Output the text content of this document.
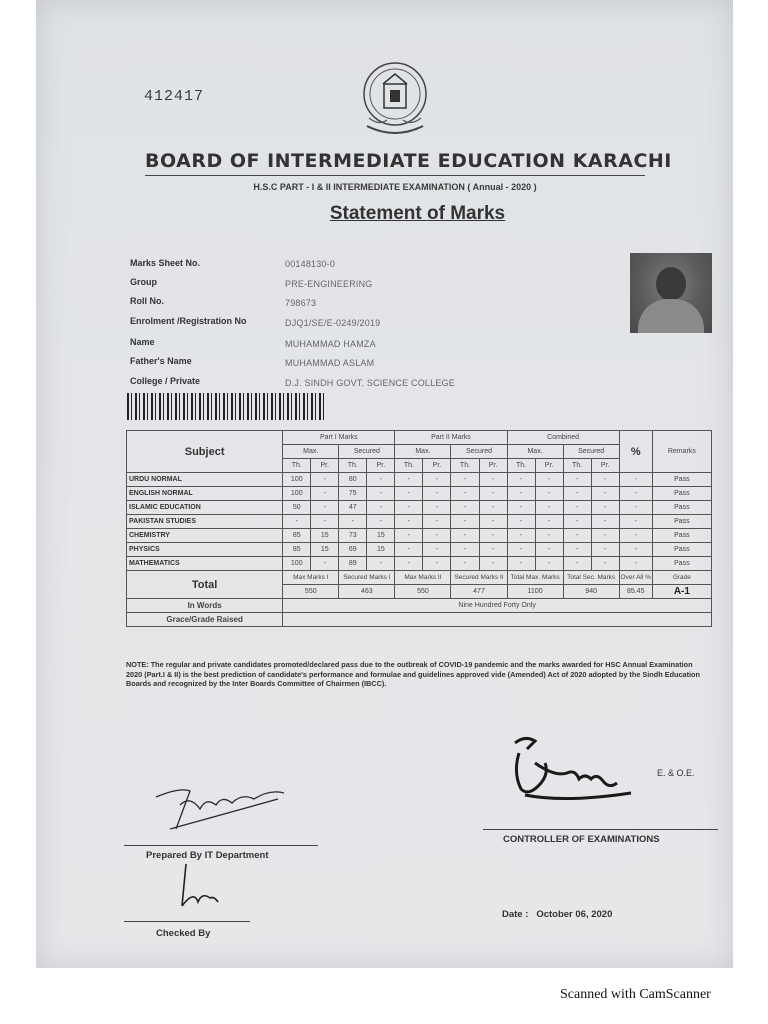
412417
BOARD OF INTERMEDIATE EDUCATION KARACHI
H.S.C PART - I & II INTERMEDIATE EXAMINATION ( Annual - 2020 )
Statement of Marks
Marks Sheet No.	00148130-0
Group	PRE-ENGINEERING
Roll No.	798673
Enrolment /Registration No	DJQ1/SE/E-0249/2019
Name	MUHAMMAD HAMZA
Father's Name	MUHAMMAD ASLAM
College / Private	D.J. SINDH GOVT. SCIENCE COLLEGE
Subject	Part I Marks				Part II Marks				Combined				%	Remarks
	Max.		Secured		Max.		Secured		Max.		Secured			
	Th.	Pr.	Th.	Pr.	Th.	Pr.	Th.	Pr.	Th.	Pr.	Th.	Pr.		
URDU NORMAL	100	-	80	-	-	-	-	-	-	-	-	-	-	Pass
ENGLISH NORMAL	100	-	75	-	-	-	-	-	-	-	-	-	-	Pass
ISLAMIC EDUCATION	50	-	47	-	-	-	-	-	-	-	-	-	-	Pass
PAKISTAN STUDIES	-	-	-	-	-	-	-	-	-	-	-	-	-	Pass
CHEMISTRY	85	15	73	15	-	-	-	-	-	-	-	-	-	Pass
PHYSICS	85	15	69	15	-	-	-	-	-	-	-	-	-	Pass
MATHEMATICS	100	-	89	-	-	-	-	-	-	-	-	-	-	Pass
Total	Max Marks I		Secured Marks I		Max Marks II		Secured Marks II		Total Max. Marks		Total Sec. Marks		Over All %	Grade
	550		463		550		477		1100		940		85.45	A-1
In Words	Nine Hundred Forty Only													
Grace/Grade Raised														
NOTE: The regular and private candidates promoted/declared pass due to the outbreak of COVID-19 pandemic and the marks awarded for HSC Annual Examination 2020 (Part.I & II) is the best prediction of candidate's performance and formulae and guidelines approved vide (Amended) Act of 2020 adopted by the Sindh Education Boards and recognized by the Inter Boards Committee of Chairmen (IBCC).
E. & O.E.
CONTROLLER OF EXAMINATIONS
Prepared By IT Department
Checked By
Date : October 06, 2020
Scanned with CamScanner
